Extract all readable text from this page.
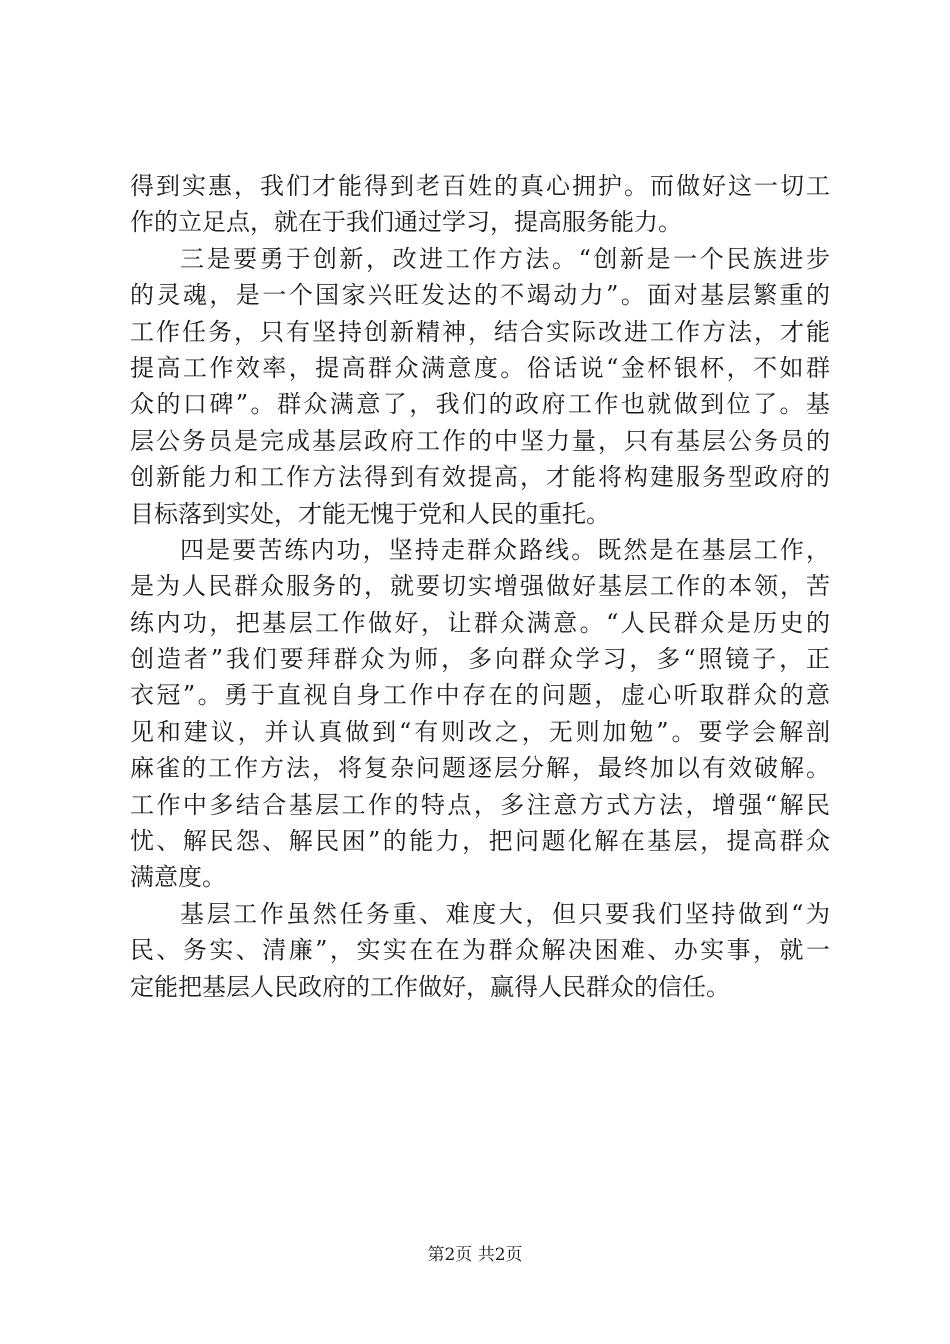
得到实惠，我们才能得到老百姓的真心拥护。而做好这一切工
作的立足点，就在于我们通过学习，提高服务能力。
三是要勇于创新，改进工作方法。“创新是一个民族进步
的灵魂，是一个国家兴旺发达的不竭动力”。面对基层繁重的
工作任务，只有坚持创新精神，结合实际改进工作方法，才能
提高工作效率，提高群众满意度。俗话说“金杯银杯，不如群
众的口碑”。群众满意了，我们的政府工作也就做到位了。基
层公务员是完成基层政府工作的中坚力量，只有基层公务员的
创新能力和工作方法得到有效提高，才能将构建服务型政府的
目标落到实处，才能无愧于党和人民的重托。
四是要苦练内功，坚持走群众路线。既然是在基层工作，
是为人民群众服务的，就要切实增强做好基层工作的本领，苦
练内功，把基层工作做好，让群众满意。“人民群众是历史的
创造者”我们要拜群众为师，多向群众学习，多“照镜子，正
衣冠”。勇于直视自身工作中存在的问题，虚心听取群众的意
见和建议，并认真做到“有则改之，无则加勉”。要学会解剖
麻雀的工作方法，将复杂问题逐层分解，最终加以有效破解。
工作中多结合基层工作的特点，多注意方式方法，增强“解民
忧、解民怨、解民困”的能力，把问题化解在基层，提高群众
满意度。
基层工作虽然任务重、难度大，但只要我们坚持做到“为
民、务实、清廉”，实实在在为群众解决困难、办实事，就一
定能把基层人民政府的工作做好，赢得人民群众的信任。
第2页 共2页
